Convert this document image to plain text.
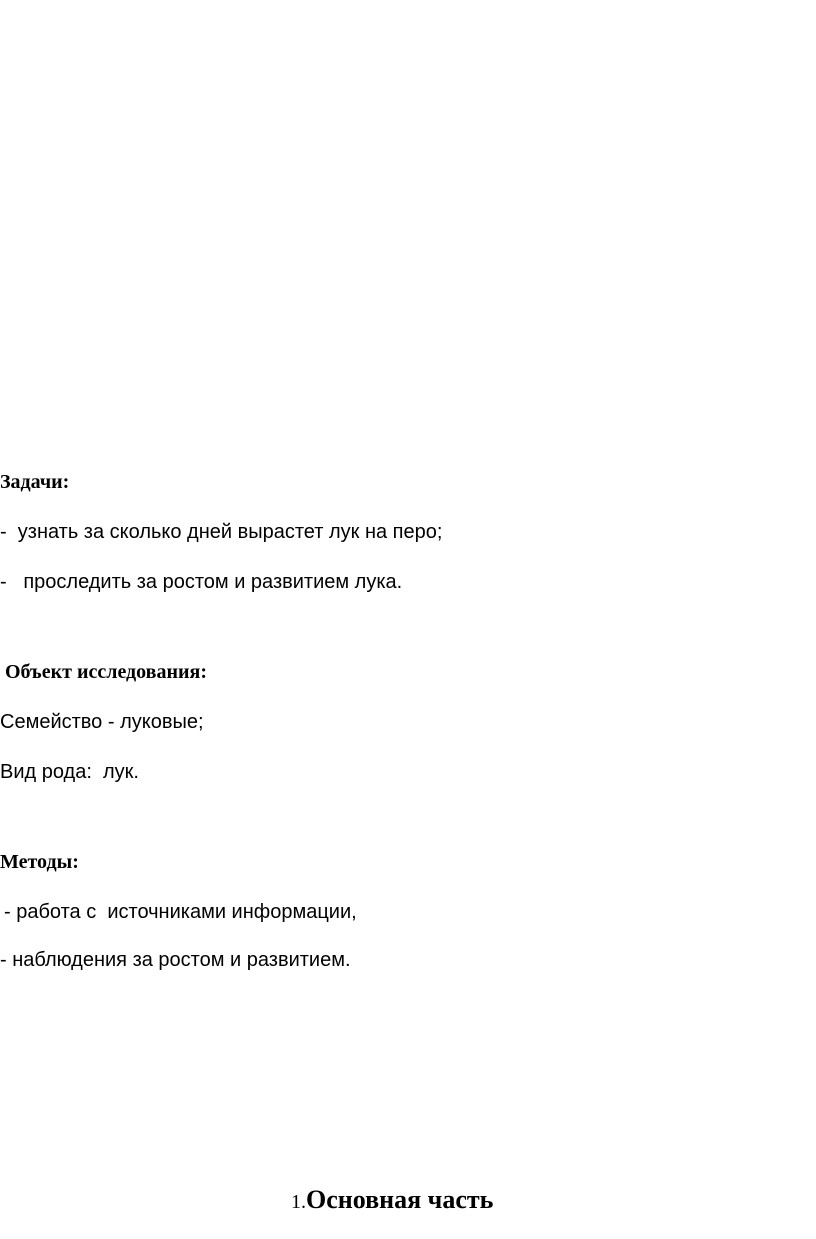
Задачи:
-  узнать за сколько дней вырастет лук на перо;
-   проследить за ростом и развитием лука.
Объект исследования:
Семейство - луковые;
Вид рода:  лук.
Методы:
- работа с  источниками информации,
- наблюдения за ростом и развитием.
1.Основная часть
